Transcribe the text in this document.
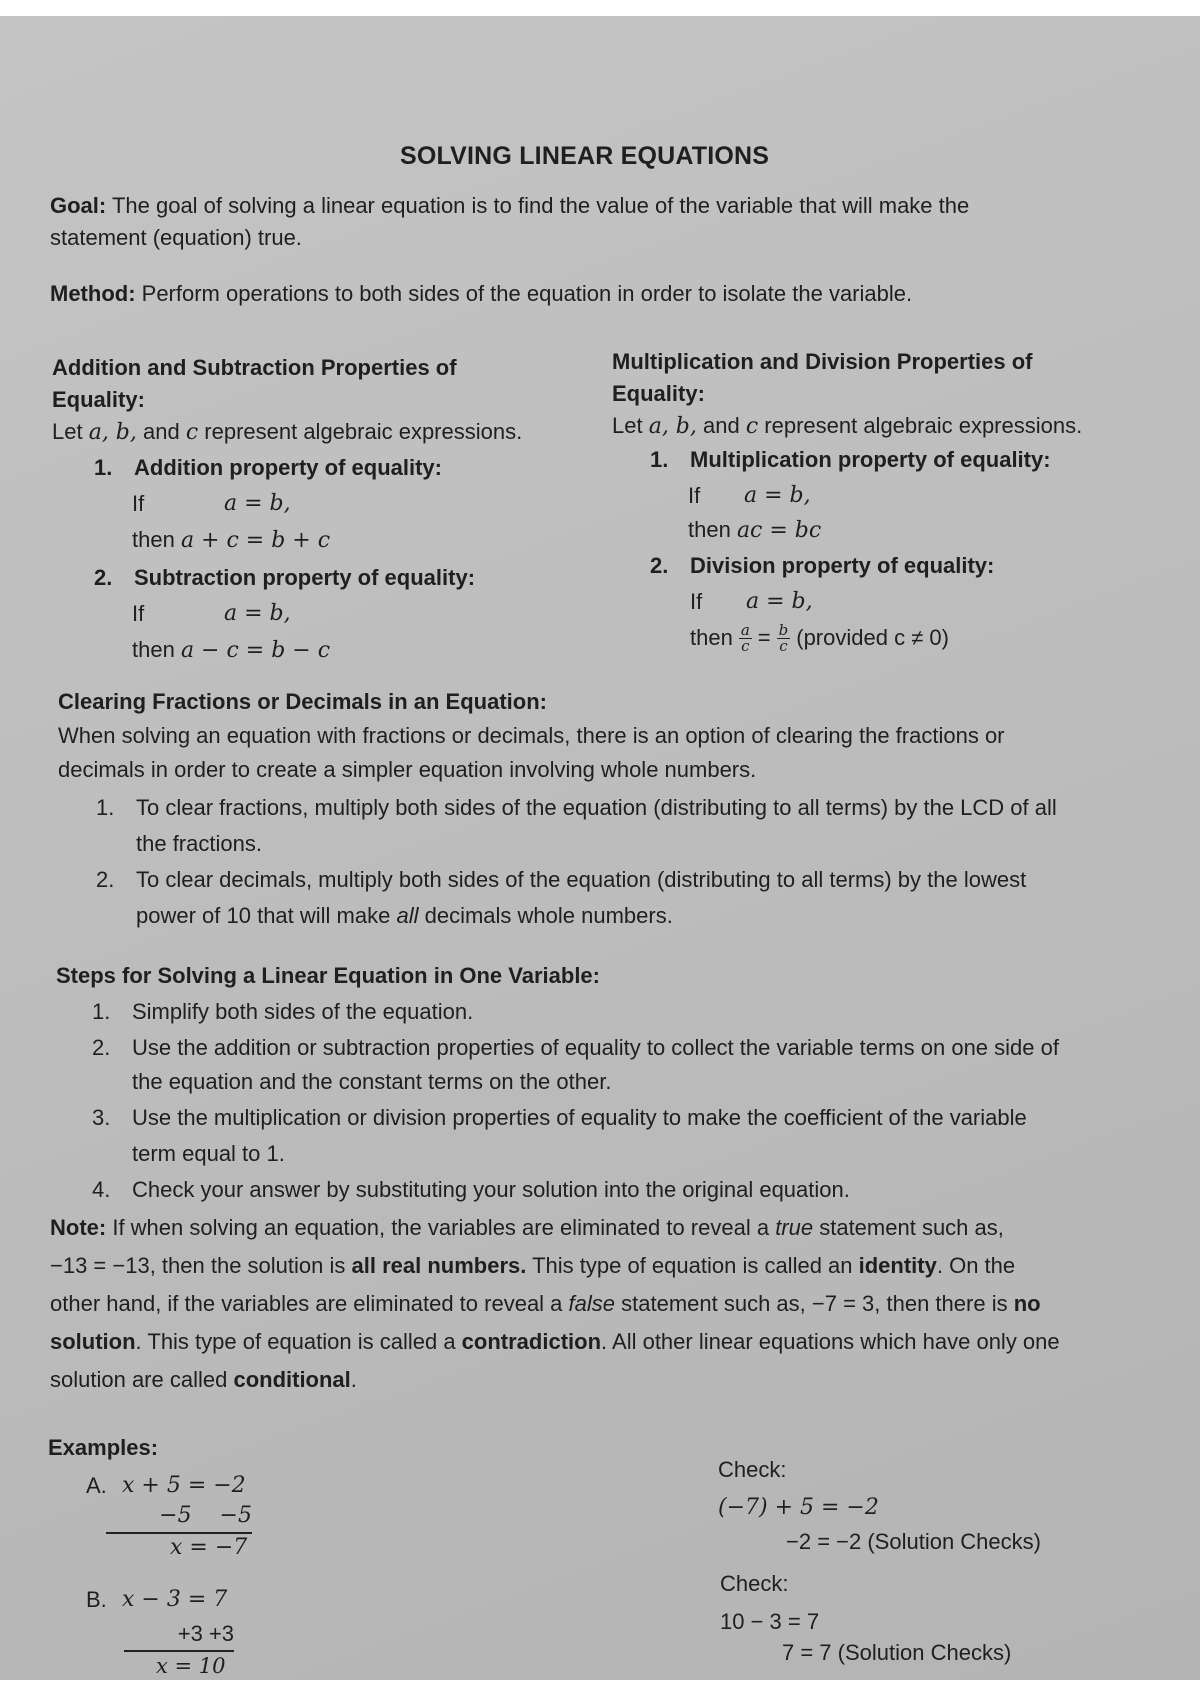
SOLVING LINEAR EQUATIONS
Goal: The goal of solving a linear equation is to find the value of the variable that will make the
statement (equation) true.
Method: Perform operations to both sides of the equation in order to isolate the variable.
Addition and Subtraction Properties of
Equality:
Let a, b, and c represent algebraic expressions.
1. Addition property of equality:
If	a = b,
then a + c = b + c
2. Subtraction property of equality:
If	a = b,
then a − c = b − c
Multiplication and Division Properties of
Equality:
Let a, b, and c represent algebraic expressions.
1. Multiplication property of equality:
If a = b,
then ac = bc
2. Division property of equality:
If a = b,
then $\frac{a}{c} = \frac{b}{c}$ (provided c ≠ 0)
Clearing Fractions or Decimals in an Equation:
When solving an equation with fractions or decimals, there is an option of clearing the fractions or
decimals in order to create a simpler equation involving whole numbers.
1. To clear fractions, multiply both sides of the equation (distributing to all terms) by the LCD of all
the fractions.
2. To clear decimals, multiply both sides of the equation (distributing to all terms) by the lowest
power of 10 that will make all decimals whole numbers.
Steps for Solving a Linear Equation in One Variable:
1. Simplify both sides of the equation.
2. Use the addition or subtraction properties of equality to collect the variable terms on one side of
the equation and the constant terms on the other.
3. Use the multiplication or division properties of equality to make the coefficient of the variable
term equal to 1.
4. Check your answer by substituting your solution into the original equation.
Note: If when solving an equation, the variables are eliminated to reveal a true statement such as,
−13 = −13, then the solution is all real numbers. This type of equation is called an identity. On the
other hand, if the variables are eliminated to reveal a false statement such as, −7 = 3, then there is no
solution. This type of equation is called a contradiction. All other linear equations which have only one
solution are called conditional.
Examples:
A. x + 5 = −2
−5    −5
x = −7
Check:
(−7) + 5 = −2
−2 = −2 (Solution Checks)
B. x − 3 = 7
+3 +3
x = 10
Check:
10 − 3 = 7
7 = 7 (Solution Checks)
